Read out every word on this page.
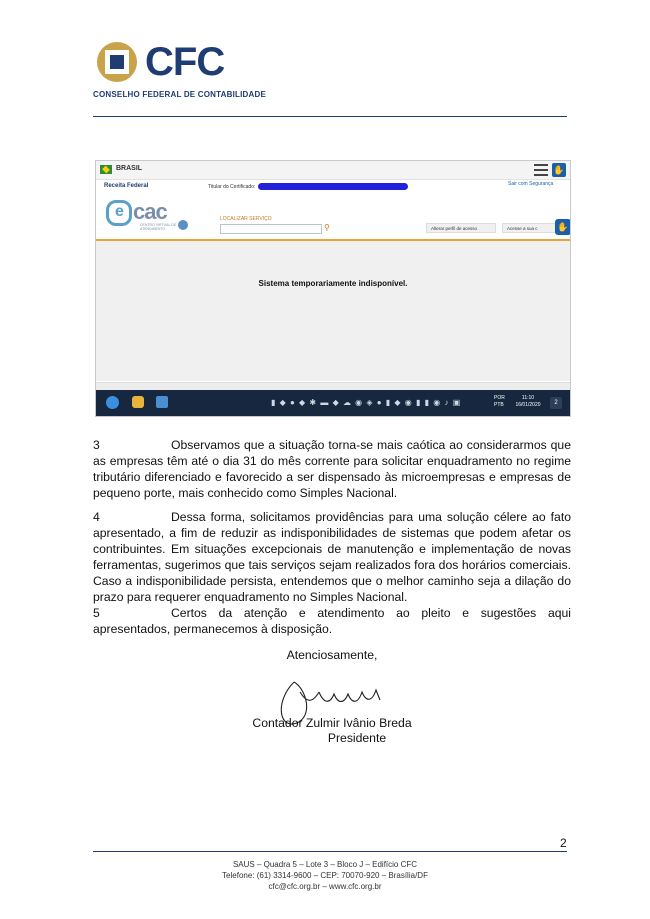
CFC
CONSELHO FEDERAL DE CONTABILIDADE
BRASIL	✋
Receita Federal	Titular do Certificado:	Sair com Segurança
e cac
CENTRO VIRTUAL DE ATENDIMENTO
LOCALIZAR SERVIÇO
⚲	Alterar perfil de acesso	Acesse a sua c	✋
Sistema temporariamente indisponível.
▮ ◆ ● ◆ ✱ ▬ ◆ ☁ ◉ ◈ ● ▮ ◆ ◉ ▮ ▮ ◉ ♪ ▣	POR
PTB
11:10
16/01/2020	2
3	Observamos que a situação torna-se mais caótica ao considerarmos que as empresas têm até o dia 31 do mês corrente para solicitar enquadramento no regime tributário diferenciado e favorecido a ser dispensado às microempresas e empresas de pequeno porte, mais conhecido como Simples Nacional.
4	Dessa forma, solicitamos providências para uma solução célere ao fato apresentado, a fim de reduzir as indisponibilidades de sistemas que podem afetar os contribuintes. Em situações excepcionais de manutenção e implementação de novas ferramentas, sugerimos que tais serviços sejam realizados fora dos horários comerciais. Caso a indisponibilidade persista, entendemos que o melhor caminho seja a dilação do prazo para requerer enquadramento no Simples Nacional.
5	Certos da atenção e atendimento ao pleito e sugestões aqui apresentados, permanecemos à disposição.
Atenciosamente,
Contador Zulmir Ivânio Breda
Presidente
2
SAUS – Quadra 5 – Lote 3 – Bloco J – Edifício CFC
Telefone: (61) 3314-9600 – CEP: 70070-920 – Brasília/DF
cfc@cfc.org.br – www.cfc.org.br
